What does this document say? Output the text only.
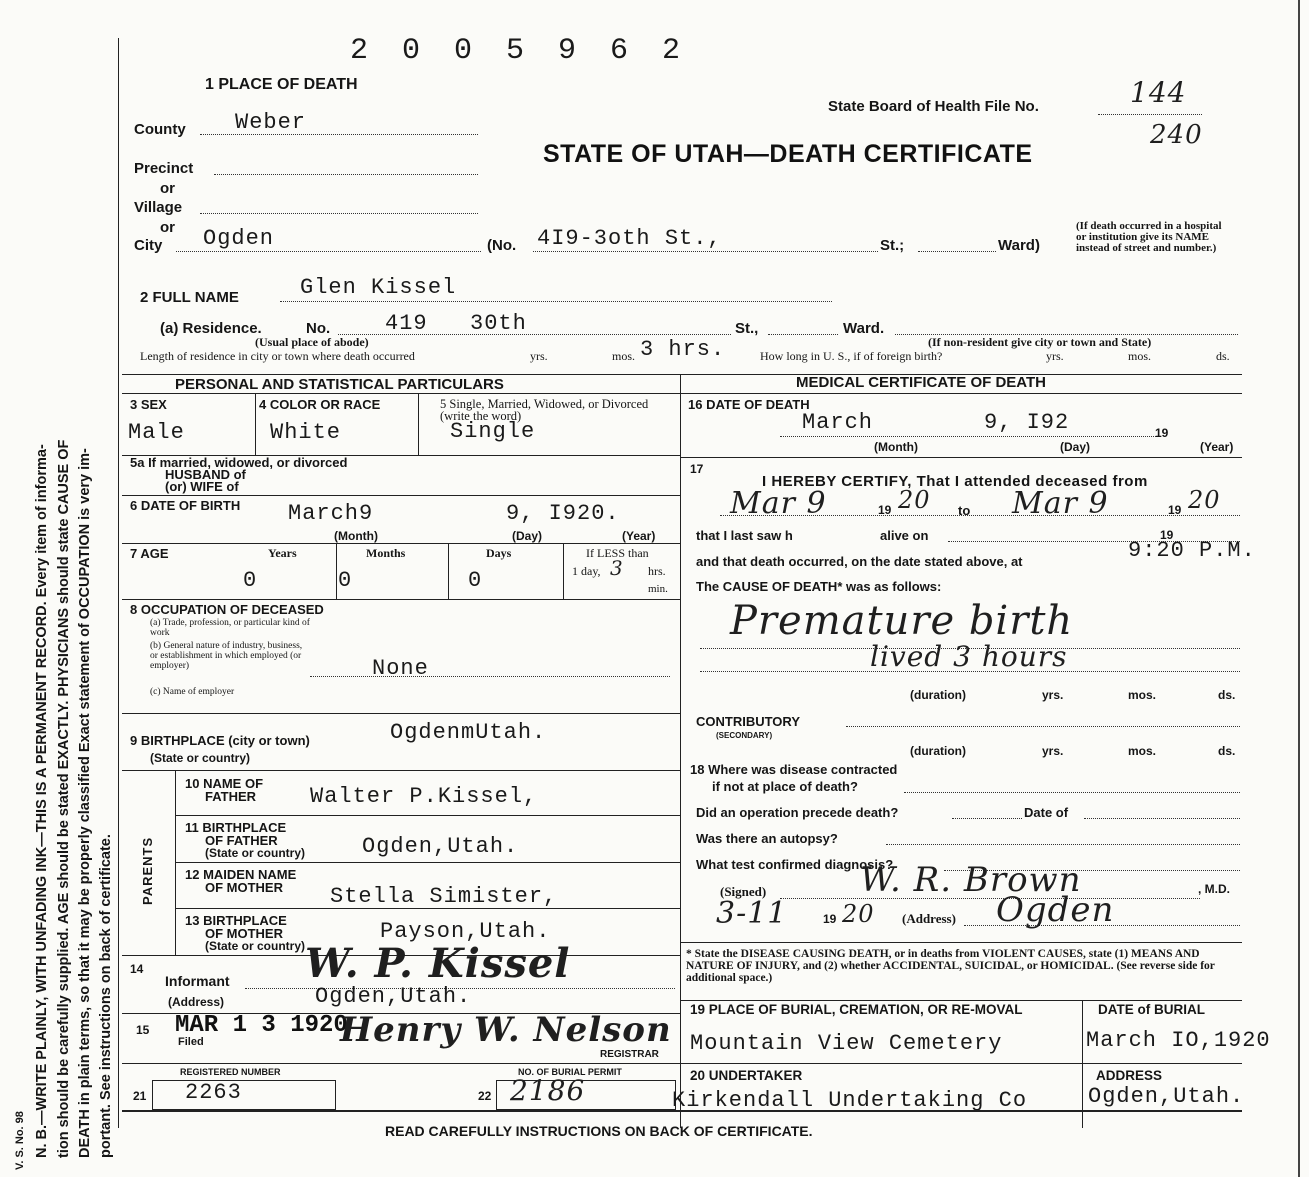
V. S. No. 98 N. B.—WRITE PLAINLY, WITH UNFADING INK—THIS IS A PERMANENT RECORD. Every item of informa- tion should be carefully supplied. AGE should be stated EXACTLY. PHYSICIANS should state CAUSE OF DEATH in plain terms, so that it may be properly classified Exact statement of OCCUPATION is very im- portant. See instructions on back of certificate.
2 0 0 5 9 6 2
1 PLACE OF DEATH
State Board of Health File No.	144
240
STATE OF UTAH—DEATH CERTIFICATE
County Weber
Precinct
or
Village
or
City Ogden	(No. 4I9-3oth St.,	St.;	Ward)
(If death occurred in a hospital or institution give its NAME instead of street and number.)
2 FULL NAME	Glen Kissel
(a) Residence.	No. 419 30th	St.,	Ward.
(Usual place of abode)	(If non-resident give city or town and State)
Length of residence in city or town where death occurred	yrs.	mos. 3 hrs.	How long in U. S., if of foreign birth?	yrs.	mos.	ds.
PERSONAL AND STATISTICAL PARTICULARS
3 SEX
Male
4 COLOR OR RACE
White
5 Single, Married, Widowed, or Divorced (write the word)
Single
5a If married, widowed, or divorced
HUSBAND of
(or) WIFE of
6 DATE OF BIRTH March9	9, I920.
(Month)	(Day)	(Year)
7 AGE	Years	Months	Days
0	0	0
If LESS than
1 day, 3 hrs.
min.
8 OCCUPATION OF DECEASED
(a) Trade, profession, or particular kind of work
(b) General nature of industry, business, or establishment in which employed (or employer)	None
(c) Name of employer
9 BIRTHPLACE (city or town)
(State or country)
OgdenmUtah.
PARENTS
10 NAME OF
FATHER Walter P.Kissel,
11 BIRTHPLACE
OF FATHER
(State or country)	Ogden,Utah.
12 MAIDEN NAME
OF MOTHER Stella Simister,
13 BIRTHPLACE
OF MOTHER
(State or country)
Payson,Utah.
14
Informant W. P. Kissel
(Address)	Ogden,Utah.
15
Filed
MAR 1 3 1920
Henry W. Nelson
REGISTRAR
REGISTERED NUMBER
21 2263
NO. OF BURIAL PERMIT
22 2186
MEDICAL CERTIFICATE OF DEATH
16 DATE OF DEATH
March	9, I92	19
(Month)	(Day)	(Year)
17
I HEREBY CERTIFY, That I attended deceased from
Mar 9	19 20 to Mar 9	19 20
that I last saw h	alive on	19
and that death occurred, on the date stated above, at	9:20 P.M.
The CAUSE OF DEATH* was as follows:
Premature birth
lived 3 hours
(duration)	yrs.	mos.	ds.
CONTRIBUTORY
(SECONDARY)
(duration)	yrs.	mos.	ds.
18 Where was disease contracted
if not at place of death?
Did an operation precede death?	Date of
Was there an autopsy?
What test confirmed diagnosis?
(Signed)	W. R. Brown	, M.D.
3-11	19 20 (Address) Ogden
* State the DISEASE CAUSING DEATH, or in deaths from VIOLENT CAUSES, state (1) MEANS AND NATURE OF INJURY, and (2) whether ACCIDENTAL, SUICIDAL, or HOMICIDAL. (See reverse side for additional space.)
19 PLACE OF BURIAL, CREMATION, OR RE-MOVAL
Mountain View Cemetery
DATE of BURIAL
March IO,1920
20 UNDERTAKER
Kirkendall Undertaking Co
ADDRESS
Ogden,Utah.
READ CAREFULLY INSTRUCTIONS ON BACK OF CERTIFICATE.
